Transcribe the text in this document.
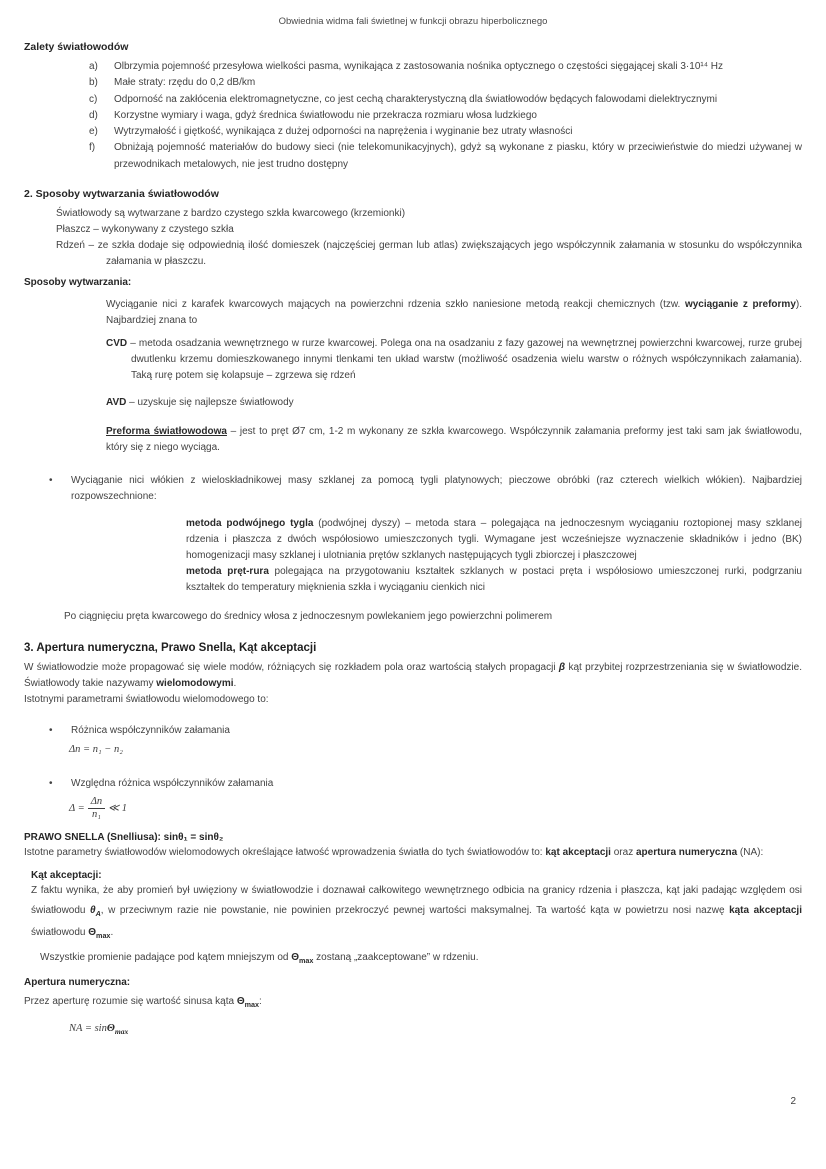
Obwiednia widma fali świetlnej w funkcji obrazu hiperbolicznego
Zalety światłowodów
a)	Olbrzymia pojemność przesyłowa wielkości pasma, wynikająca z zastosowania nośnika optycznego o częstości sięgającej skali 3·10¹⁴ Hz
b)	Małe straty: rzędu do 0,2 dB/km
c)	Odporność na zakłócenia elektromagnetyczne, co jest cechą charakterystyczną dla światłowodów będących falowodami dielektrycznymi
d)	Korzystne wymiary i waga, gdyż średnica światłowodu nie przekracza rozmiaru włosa ludzkiego
e)	Wytrzymałość i giętkość, wynikająca z dużej odporności na naprężenia i wyginanie bez utraty własności
f)	Obniżają pojemność materiałów do budowy sieci (nie telekomunikacyjnych), gdyż są wykonane z piasku, który w przeciwieństwie do miedzi używanej w przewodnikach metalowych, nie jest trudno dostępny
2. Sposoby wytwarzania światłowodów
Światłowody są wytwarzane z bardzo czystego szkła kwarcowego (krzemionki)
Płaszcz – wykonywany z czystego szkła
Rdzeń – ze szkła dodaje się odpowiednią ilość domieszek (najczęściej german lub atlas) zwiększających jego współczynnik załamania w stosunku do współczynnika załamania w płaszczu.
Sposoby wytwarzania:
Wyciąganie nici z karafek kwarcowych mających na powierzchni rdzenia szkło naniesione metodą reakcji chemicznych (tzw. wyciąganie z preformy). Najbardziej znana to
CVD – metoda osadzania wewnętrznego w rurze kwarcowej. Polega ona na osadzaniu z fazy gazowej na wewnętrznej powierzchni kwarcowej, rurze grubej dwutlenku krzemu domieszkowanego innymi tlenkami ten układ warstw (możliwość osadzenia wielu warstw o różnych współczynnikach załamania). Taką rurę potem się kolapsuje – zgrzewa się rdzeń
AVD – uzyskuje się najlepsze światłowody
Preforma światłowodowa – jest to pręt Ø7 cm, 1-2 m wykonany ze szkła kwarcowego. Współczynnik załamania preformy jest taki sam jak światłowodu, który się z niego wyciąga.
•	Wyciąganie nici włókien z wieloskładnikowej masy szklanej za pomocą tygli platynowych; pieczowe obróbki (raz czterech wielkich włókien). Najbardziej rozpowszechnione:
metoda podwójnego tygla (podwójnej dyszy) – metoda stara – polegająca na jednoczesnym wyciąganiu roztopionej masy szklanej rdzenia i płaszcza z dwóch współosiowo umieszczonych tygli. Wymagane jest wcześniejsze wyznaczenie składników i jedno (BK) homogenizacji masy szklanej i ulotniania prętów szklanych następujących tygli zbiorczej i płaszczowej
metoda pręt-rura polegająca na przygotowaniu kształtek szklanych w postaci pręta i współosiowo umieszczonej rurki, podgrzaniu kształtek do temperatury mięknienia szkła i wyciąganiu cienkich nici
Po ciągnięciu pręta kwarcowego do średnicy włosa z jednoczesnym powlekaniem jego powierzchni polimerem
3. Apertura numeryczna, Prawo Snella, Kąt akceptacji
W światłowodzie może propagować się wiele modów, różniących się rozkładem pola oraz wartością stałych propagacji β kąt przybitej rozprzestrzeniania się w światłowodzie. Światłowody takie nazywamy wielomodowymi.
Istotnymi parametrami światłowodu wielomodowego to:
•	Różnica współczynników załamania
Δn = n₁ − n₂
•	Względna różnica współczynników załamania
$\Delta = \frac{\Delta n}{\text{n₁}}$ ≪ 1
PRAWO SNELLA (Snelliusa): sinθ₁ = sinθ₂
Istotne parametry światłowodów wielomodowych określające łatwość wprowadzenia światła do tych światłowodów to: kąt akceptacji oraz apertura numeryczna (NA):
Kąt akceptacji:
Z faktu wynika, że aby promień był uwięziony w światłowodzie i doznawał całkowitego wewnętrznego odbicia na granicy rdzenia i płaszcza, kąt jaki padając względem osi światłowodu $\theta_A$, w przeciwnym razie nie powstanie, nie powinien przekroczyć pewnej wartości maksymalnej. Ta wartość kąta w powietrzu nosi nazwę kąta akceptacji światłowodu $\Theta_{max}$.
Wszystkie promienie padające pod kątem mniejszym od $\Theta_{max}$ zostaną „zaakceptowane” w rdzeniu.
Apertura numeryczna:
Przez aperturę rozumie się wartość sinusa kąta $\Theta_{max}$:
NA = sinΘ$_{max}$
2
